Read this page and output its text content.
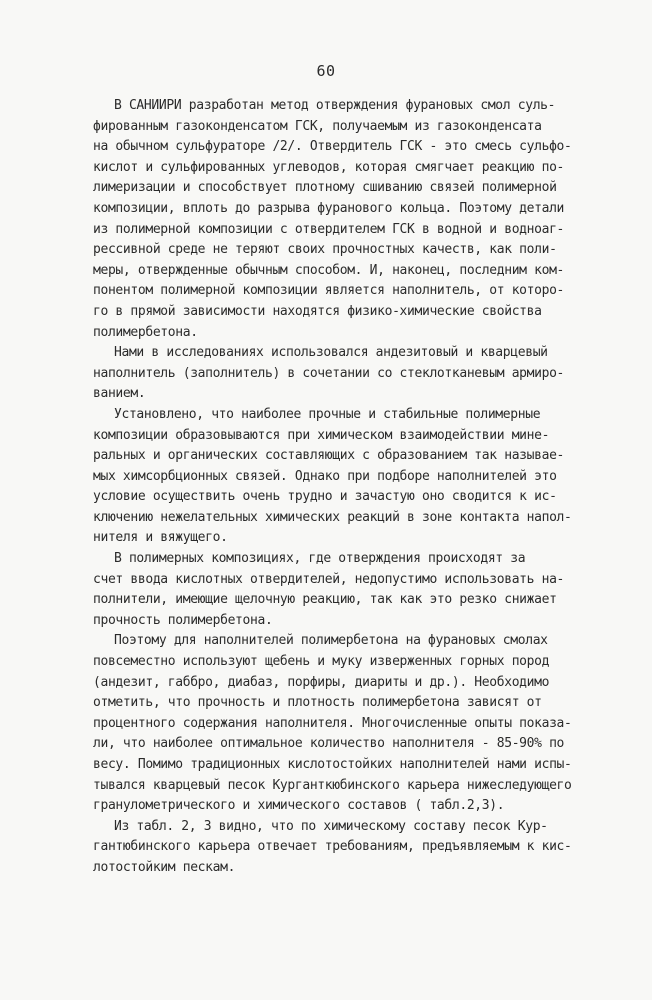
60
В САНИИРИ разработан метод отверждения фурановых смол суль-
фированным газоконденсатом ГСК, получаемым из газоконденсата
на обычном сульфураторе /2/. Отвердитель ГСК - это смесь сульфо-
кислот и сульфированных углеводов, которая смягчает реакцию по-
лимеризации и способствует плотному сшиванию связей полимерной
композиции, вплоть до разрыва фуранового кольца. Поэтому детали
из полимерной композиции с отвердителем ГСК в водной и водноаг-
рессивной среде не теряют своих прочностных качеств, как поли-
меры, отвержденные обычным способом. И, наконец, последним ком-
понентом полимерной композиции является наполнитель, от которо-
го в прямой зависимости находятся физико-химические свойства
полимербетона.
Нами в исследованиях использовался андезитовый и кварцевый
наполнитель (заполнитель) в сочетании со стеклотканевым армиро-
ванием.
Установлено, что наиболее прочные и стабильные полимерные
композиции образовываются при химическом взаимодействии мине-
ральных и органических составляющих с образованием так называе-
мых химсорбционных связей. Однако при подборе наполнителей это
условие осуществить очень трудно и зачастую оно сводится к ис-
ключению нежелательных химических реакций в зоне контакта напол-
нителя и вяжущего.
В полимерных композициях, где отверждения происходят за
счет ввода кислотных отвердителей, недопустимо использовать на-
полнители, имеющие щелочную реакцию, так как это резко снижает
прочность полимербетона.
Поэтому для наполнителей полимербетона на фурановых смолах
повсеместно используют щебень и муку изверженных горных пород
(андезит, габбро, диабаз, порфиры, диариты и др.). Необходимо
отметить, что прочность и плотность полимербетона зависят от
процентного содержания наполнителя. Многочисленные опыты показа-
ли, что наиболее оптимальное количество наполнителя - 85-90% по
весу. Помимо традиционных кислотостойких наполнителей нами испы-
тывался кварцевый песок Курганткюбинского карьера нижеследующего
гранулометрического и химического составов ( табл.2,3).
Из табл. 2, 3 видно, что по химическому составу песок Кур-
гантюбинского карьера отвечает требованиям, предъявляемым к кис-
лотостойким пескам.
